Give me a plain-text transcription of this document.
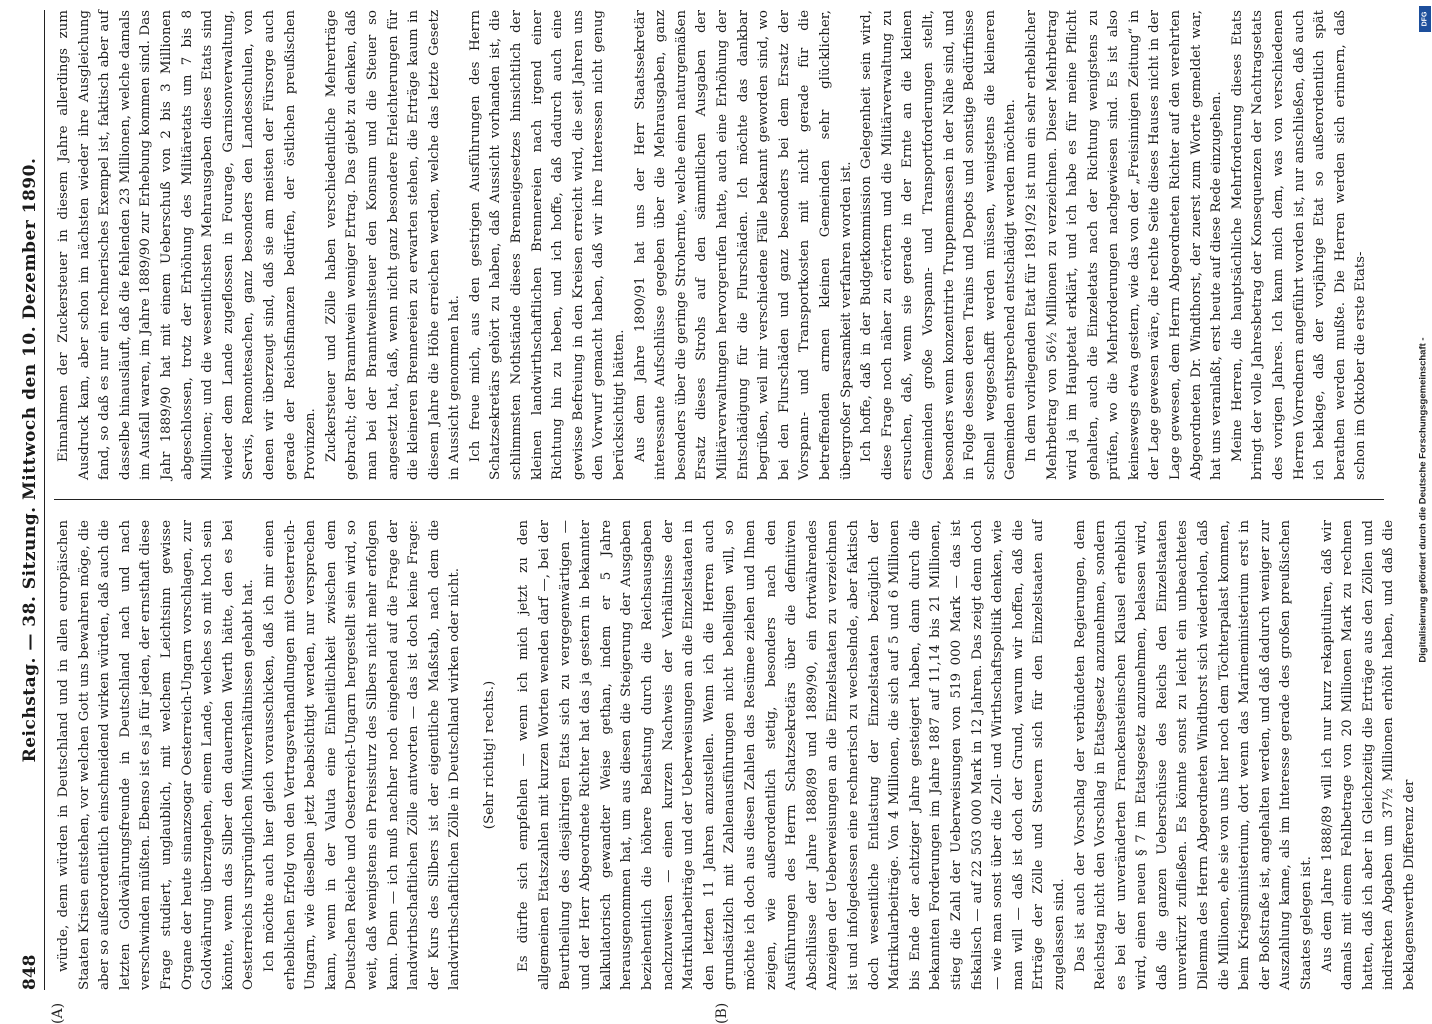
848
Reichstag. — 38. Sitzung. Mittwoch den 10. Dezember 1890.
(A)	(B)

würde, denn würden in Deutschland und in allen europäischen Staaten Krisen entstehen, vor welchen Gott uns bewahren möge, die aber so außerordentlich einschneidend wirken würden, daß auch die letzten Goldwährungsfreunde in Deutschland nach und nach verschwinden müßten. Ebenso ist es ja für jeden, der ernsthaft diese Frage studiert, unglaublich, mit welchem Leichtsinn gewisse Organe der heute sinanzsogar Oesterreich-Ungarn vorschlagen, zur Goldwährung überzugehen, einem Lande, welches so mit hoch sein könnte, wenn das Silber den dauernden Werth hätte, den es bei Oesterreichs ursprünglichen Münzverhältnissen gehabt hat. Ich möchte auch hier gleich vorausschicken, daß ich mir einen erheblichen Erfolg von den Vertragsverhandlungen mit Oesterreich-Ungarn, wie dieselben jetzt beabsichtigt werden, nur versprechen kann, wenn in der Valuta eine Einheitlichkeit zwischen dem Deutschen Reiche und Oesterreich-Ungarn hergestellt sein wird, so weit, daß wenigstens ein Preissturz des Silbers nicht mehr erfolgen kann. Denn — ich muß nachher noch eingehend auf die Frage der landwirthschaftlichen Zölle antworten — das ist doch keine Frage: der Kurs des Silbers ist der eigentliche Maßstab, nach dem die landwirthschaftlichen Zölle in Deutschland wirken oder nicht. (Sehr richtig! rechts.) Es dürfte sich empfehlen — wenn ich mich jetzt zu den allgemeinen Etatszahlen mit kurzen Worten wenden darf —, bei der Beurtheilung des diesjährigen Etats sich zu vergegenwärtigen — und der Herr Abgeordnete Richter hat das ja gestern in bekannter kalkulatorisch gewandter Weise gethan, indem er 5 Jahre herausgenommen hat, um aus diesen die Steigerung der Ausgaben beziehentlich die höhere Belastung durch die Reichsausgaben nachzuweisen — einen kurzen Nachweis der Verhältnisse der Matrikularbeiträge und der Ueberweisungen an die Einzelstaaten in den letzten 11 Jahren anzustellen. Wenn ich die Herren auch grundsätzlich mit Zahlenausführungen nicht behelligen will, so möchte ich doch aus diesen Zahlen das Resümee ziehen und Ihnen zeigen, wie außerordentlich stetig, besonders nach den Ausführungen des Herrn Schatzsekretärs über die definitiven Abschlüsse der Jahre 1888/89 und 1889/90, ein fortwährendes Anzeigen der Ueberweisungen an die Einzelstaaten zu verzeichnen ist und infolgedessen eine rechnerisch zu wechselnde, aber faktisch doch wesentliche Entlastung der Einzelstaaten bezüglich der Matrikularbeiträge. Von 4 Millionen, die sich auf 5 und 6 Millionen bis Ende der achtziger Jahre gesteigert haben, dann durch die bekannten Forderungen im Jahre 1887 auf 11,14 bis 21 Millionen, stieg die Zahl der Ueberweisungen von 519 000 Mark — das ist fiskalisch — auf 22 503 000 Mark in 12 Jahren. Das zeigt denn doch — wie man sonst über die Zoll- und Wirthschaftspolitik denken, wie man will — daß ist doch der Grund, warum wir hoffen, daß die Erträge der Zölle und Steuern sich für den Einzelstaaten auf zugelassen sind. Das ist auch der Vorschlag der verbündeten Regierungen, dem Reichstag nicht den Vorschlag in Etatsgesetz anzunehmen, sondern es bei der unveränderten Franckensteinschen Klausel erheblich wird, einen neuen § 7 im Etatsgesetz anzunehmen, belassen wird, daß die ganzen Ueberschüsse des Reichs den Einzelstaaten unverkürzt zufließen. Es könnte sonst zu leicht ein unbeachtetes Dilemma des Herrn Abgeordneten Windthorst sich wiederholen, daß die Millionen, ehe sie von uns hier noch dem Töchterpalast kommen, beim Kriegsministerium, dort wenn das Marineministerium erst in der Boßstraße ist, angehalten werden, und daß dadurch weniger zur Auszahlung kame, als im Interesse gerade des großen preußischen Staates gelegen ist. Aus dem Jahre 1888/89 will ich nur kurz rekapituliren, daß wir damals mit einem Fehlbetrage von 20 Millionen Mark zu rechnen hatten, daß ich aber in Gleichzeitig die Erträge aus den Zöllen und indirekten Abgaben um 37½ Millionen erhöht haben, und daß die beklagenswerthe Differenz der

Einnahmen der Zuckersteuer in diesem Jahre allerdings zum Ausdruck kam, aber schon im nächsten wieder ihre Ausgleichung fand, so daß es nur ein rechnerisches Exempel ist, faktisch aber auf dasselbe hinausläuft, daß die fehlenden 23 Millionen, welche damals im Ausfall waren, im Jahre 1889/90 zur Erhebung kommen sind. Das Jahr 1889/90 hat mit einem Ueberschuß von 2 bis 3 Millionen abgeschlossen, trotz der Erhöhung des Militäretats um 7 bis 8 Millionen; und die wesentlichsten Mehrausgaben dieses Etats sind wieder dem Lande zugeflossen in Fourage, Garnisonverwaltung, Servis, Remontesachen, ganz besonders den Landesschulen, von denen wir überzeugt sind, daß sie am meisten der Fürsorge auch gerade der Reichsfinanzen bedürfen, der östlichen preußischen Provinzen. Zuckersteuer und Zölle haben verschiedentliche Mehrerträge gebracht; der Branntwein weniger Ertrag. Das giebt zu denken, daß man bei der Branntweinsteuer den Konsum und die Steuer so angesetzt hat, daß, wenn nicht ganz besondere Erleichterungen für die kleineren Brennereien zu erwarten stehen, die Erträge kaum in diesem Jahre die Höhe erreichen werden, welche das letzte Gesetz in Aussicht genommen hat. Ich freue mich, aus den gestrigen Ausführungen des Herrn Schatzsekretärs gehört zu haben, daß Aussicht vorhanden ist, die schlimmsten Nothstände dieses Brenneigesetzes hinsichtlich der kleinen landwirthschaftlichen Brennereien nach irgend einer Richtung hin zu heben, und ich hoffe, daß dadurch auch eine gewisse Befreiung in den Kreisen erreicht wird, die seit Jahren uns den Vorwurf gemacht haben, daß wir ihre Interessen nicht genug berücksichtigt hätten. Aus dem Jahre 1890/91 hat uns der Herr Staatssekretär interessante Aufschlüsse gegeben über die Mehrausgaben, ganz besonders über die geringe Strohernte, welche einen naturgemäßen Ersatz dieses Strohs auf den sämmtlichen Ausgaben der Militärverwaltungen hervorgerufen hatte, auch eine Erhöhung der Entschädigung für die Flurschäden. Ich möchte das dankbar begrüßen, weil mir verschiedene Fälle bekannt geworden sind, wo bei den Flurschäden und ganz besonders bei dem Ersatz der Vorspann- und Transportkosten mit nicht gerade für die betreffenden armen kleinen Gemeinden sehr glücklicher, übergroßer Sparsamkeit verfahren worden ist. Ich hoffe, daß in der Budgetkommission Gelegenheit sein wird, diese Frage noch näher zu erörtern und die Militärverwaltung zu ersuchen, daß, wenn sie gerade in der Ernte an die kleinen Gemeinden große Vorspann- und Transportforderungen stellt, besonders wenn konzentrirte Truppenmassen in der Nähe sind, und in Folge dessen deren Trains und Depots und sonstige Bedürfnisse schnell weggeschafft werden müssen, wenigstens die kleineren Gemeinden entsprechend entschädigt werden möchten. In dem vorliegenden Etat für 1891/92 ist nun ein sehr erheblicher Mehrbetrag von 56½ Millionen zu verzeichnen. Dieser Mehrbetrag wird ja im Hauptetat erklärt, und ich habe es für meine Pflicht gehalten, auch die Einzeletats nach der Richtung wenigstens zu prüfen, wo die Mehrforderungen nachgewiesen sind. Es ist also keineswegs etwa gestern, wie das von der „Freisinnigen Zeitung“ in der Lage gewesen wäre, die rechte Seite dieses Hauses nicht in der Lage gewesen, dem Herrn Abgeordneten Richter auf den verehrten Abgeordneten Dr. Windthorst, der zuerst zum Worte gemeldet war, hat uns veranlaßt, erst heute auf diese Rede einzugehen. Meine Herren, die hauptsächliche Mehrforderung dieses Etats bringt der volle Jahresbetrag der Konsequenzen der Nachtragsetats des vorigen Jahres. Ich kann mich dem, was von verschiedenen Herren Vorrednern angeführt worden ist, nur anschließen, daß auch ich beklage, daß der vorjährige Etat so außerordentlich spät berathen werden mußte. Die Herren werden sich erinnern, daß schon im Oktober die erste Etats-	Digitalisierung gefördert durch die Deutsche Forschungsgemeinschaft -
DFG
